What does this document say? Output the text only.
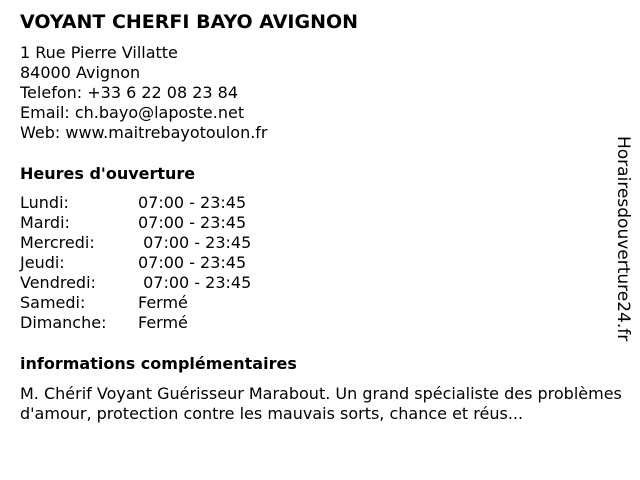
VOYANT CHERFI BAYO AVIGNON
1 Rue Pierre Villatte
84000 Avignon
Telefon: +33 6 22 08 23 84
Email: ch.bayo@laposte.net
Web: www.maitrebayotoulon.fr
Heures d'ouverture
Lundi:	07:00 - 23:45
Mardi:	07:00 - 23:45
Mercredi:	07:00 - 23:45
Jeudi:	07:00 - 23:45
Vendredi:	07:00 - 23:45
Samedi:	Fermé
Dimanche:	Fermé
informations complémentaires
M. Chérif Voyant Guérisseur Marabout. Un grand spécialiste des problèmes d'amour, protection contre les mauvais sorts, chance et réus...
Horairesdouverture24.fr
